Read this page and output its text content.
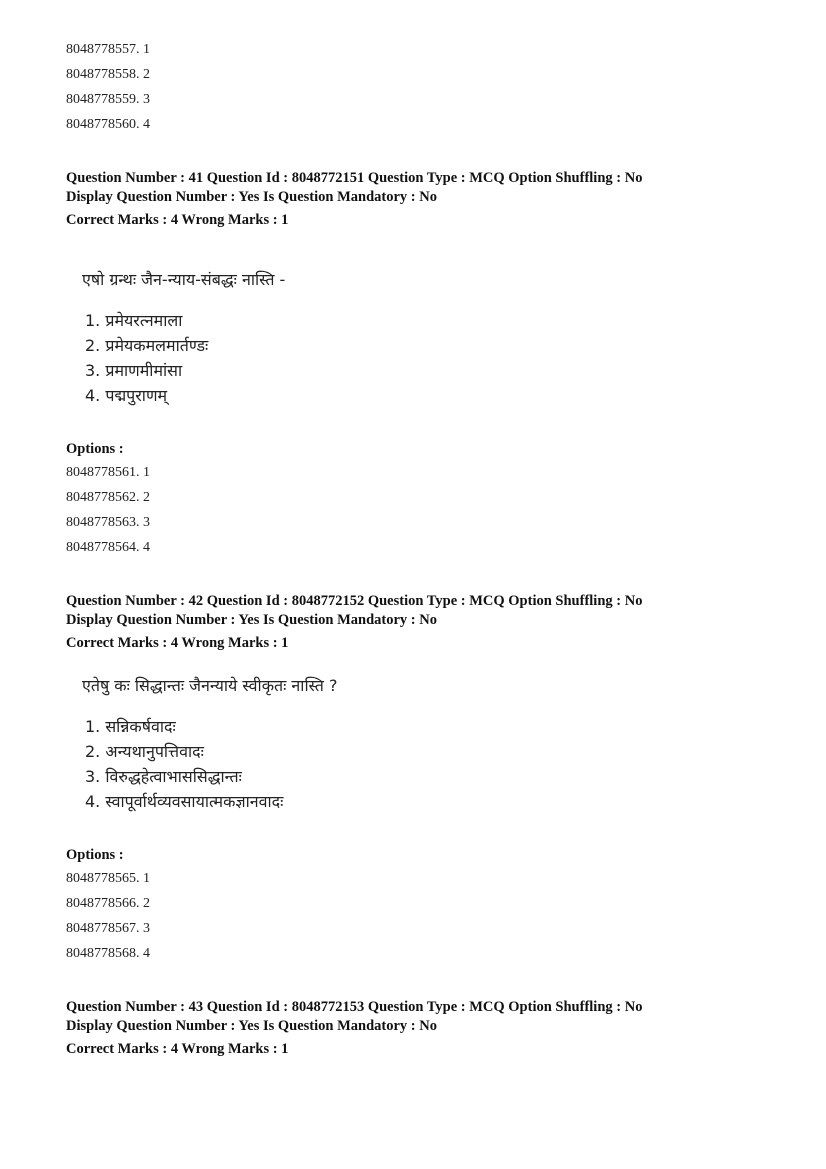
8048778557. 1
8048778558. 2
8048778559. 3
8048778560. 4
Question Number : 41 Question Id : 8048772151 Question Type : MCQ Option Shuffling : No
Display Question Number : Yes Is Question Mandatory : No
Correct Marks : 4 Wrong Marks : 1
एषो ग्रन्थः जैन-न्याय-संबद्धः नास्ति -
1. प्रमेयरत्नमाला
2. प्रमेयकमलमार्तण्डः
3. प्रमाणमीमांसा
4. पद्मपुराणम्
Options :
8048778561. 1
8048778562. 2
8048778563. 3
8048778564. 4
Question Number : 42 Question Id : 8048772152 Question Type : MCQ Option Shuffling : No
Display Question Number : Yes Is Question Mandatory : No
Correct Marks : 4 Wrong Marks : 1
एतेषु कः सिद्धान्तः जैनन्याये स्वीकृतः नास्ति ?
1. सन्निकर्षवादः
2. अन्यथानुपत्तिवादः
3. विरुद्धहेत्वाभाससिद्धान्तः
4. स्वापूर्वार्थव्यवसायात्मकज्ञानवादः
Options :
8048778565. 1
8048778566. 2
8048778567. 3
8048778568. 4
Question Number : 43 Question Id : 8048772153 Question Type : MCQ Option Shuffling : No
Display Question Number : Yes Is Question Mandatory : No
Correct Marks : 4 Wrong Marks : 1
